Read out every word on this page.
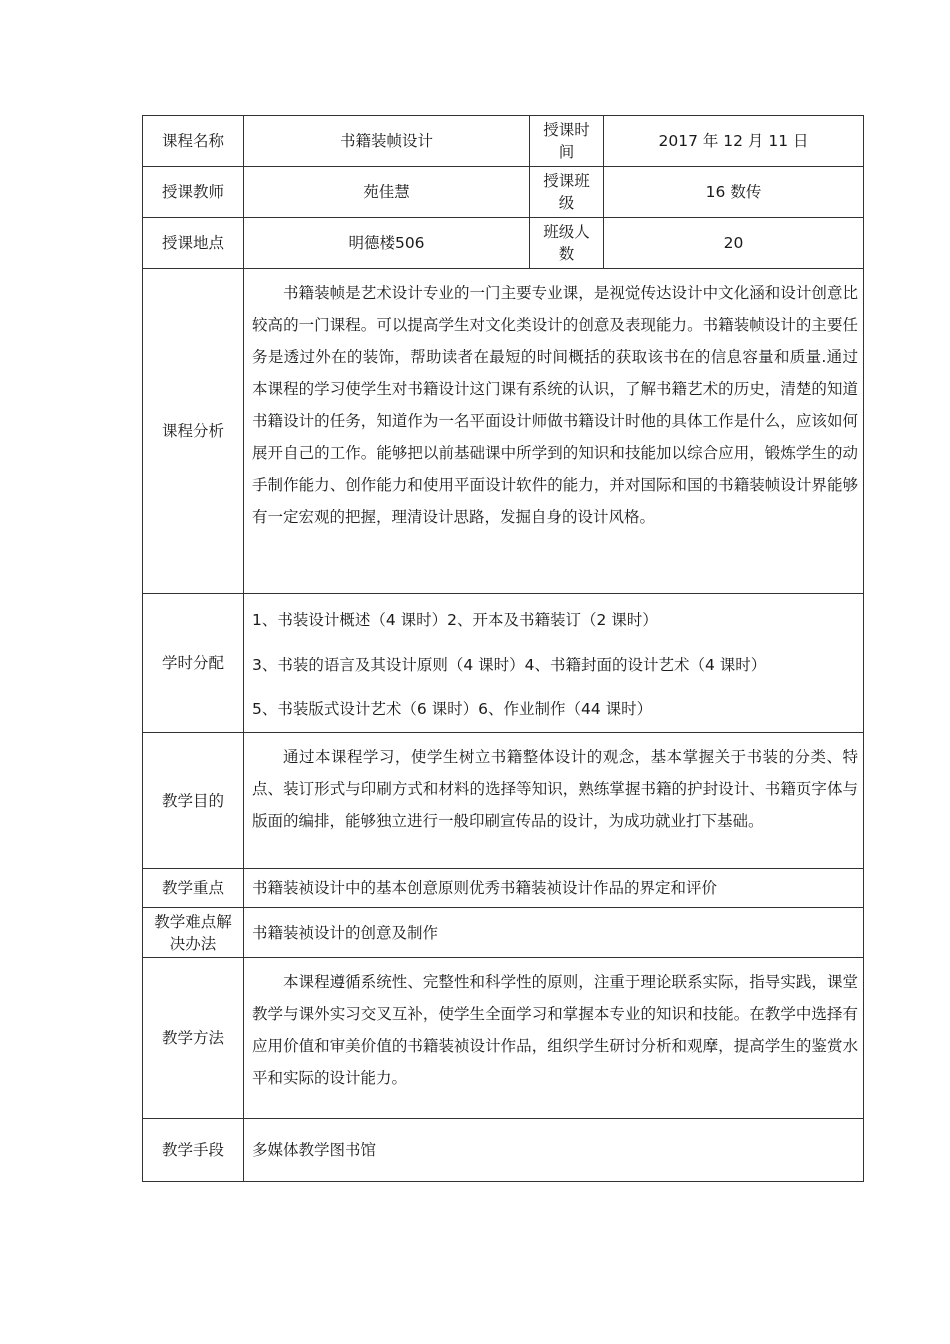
课程名称	书籍装帧设计	授课时间	2017 年 12 月 11 日
授课教师	苑佳慧	授课班级	16 数传
授课地点	明德楼506	班级人数	20
课程分析	书籍装帧是艺术设计专业的一门主要专业课，是视觉传达设计中文化涵和设计创意比较高的一门课程。可以提高学生对文化类设计的创意及表现能力。书籍装帧设计的主要任务是透过外在的装饰，帮助读者在最短的时间概括的获取该书在的信息容量和质量.通过本课程的学习使学生对书籍设计这门课有系统的认识，了解书籍艺术的历史，清楚的知道书籍设计的任务，知道作为一名平面设计师做书籍设计时他的具体工作是什么，应该如何展开自己的工作。能够把以前基础课中所学到的知识和技能加以综合应用，锻炼学生的动手制作能力、创作能力和使用平面设计软件的能力，并对国际和国的书籍装帧设计界能够有一定宏观的把握，理清设计思路，发掘自身的设计风格。		
学时分配	1、书装设计概述（4 课时）2、开本及书籍装订（2 课时）
3、书装的语言及其设计原则（4 课时）4、书籍封面的设计艺术（4 课时）
5、书装版式设计艺术（6 课时）6、作业制作（44 课时）		

教学目的	通过本课程学习，使学生树立书籍整体设计的观念，基本掌握关于书装的分类、特点、装订形式与印刷方式和材料的选择等知识，熟练掌握书籍的护封设计、书籍页字体与版面的编排，能够独立进行一般印刷宣传品的设计，为成功就业打下基础。		
教学重点	书籍装祯设计中的基本创意原则优秀书籍装祯设计作品的界定和评价		

教学难点解决办法	书籍装祯设计的创意及制作		
教学方法	本课程遵循系统性、完整性和科学性的原则，注重于理论联系实际，指导实践，课堂教学与课外实习交叉互补，使学生全面学习和掌握本专业的知识和技能。在教学中选择有应用价值和审美价值的书籍装祯设计作品，组织学生研讨分析和观摩，提高学生的鉴赏水平和实际的设计能力。		
教学手段	多媒体教学图书馆		
